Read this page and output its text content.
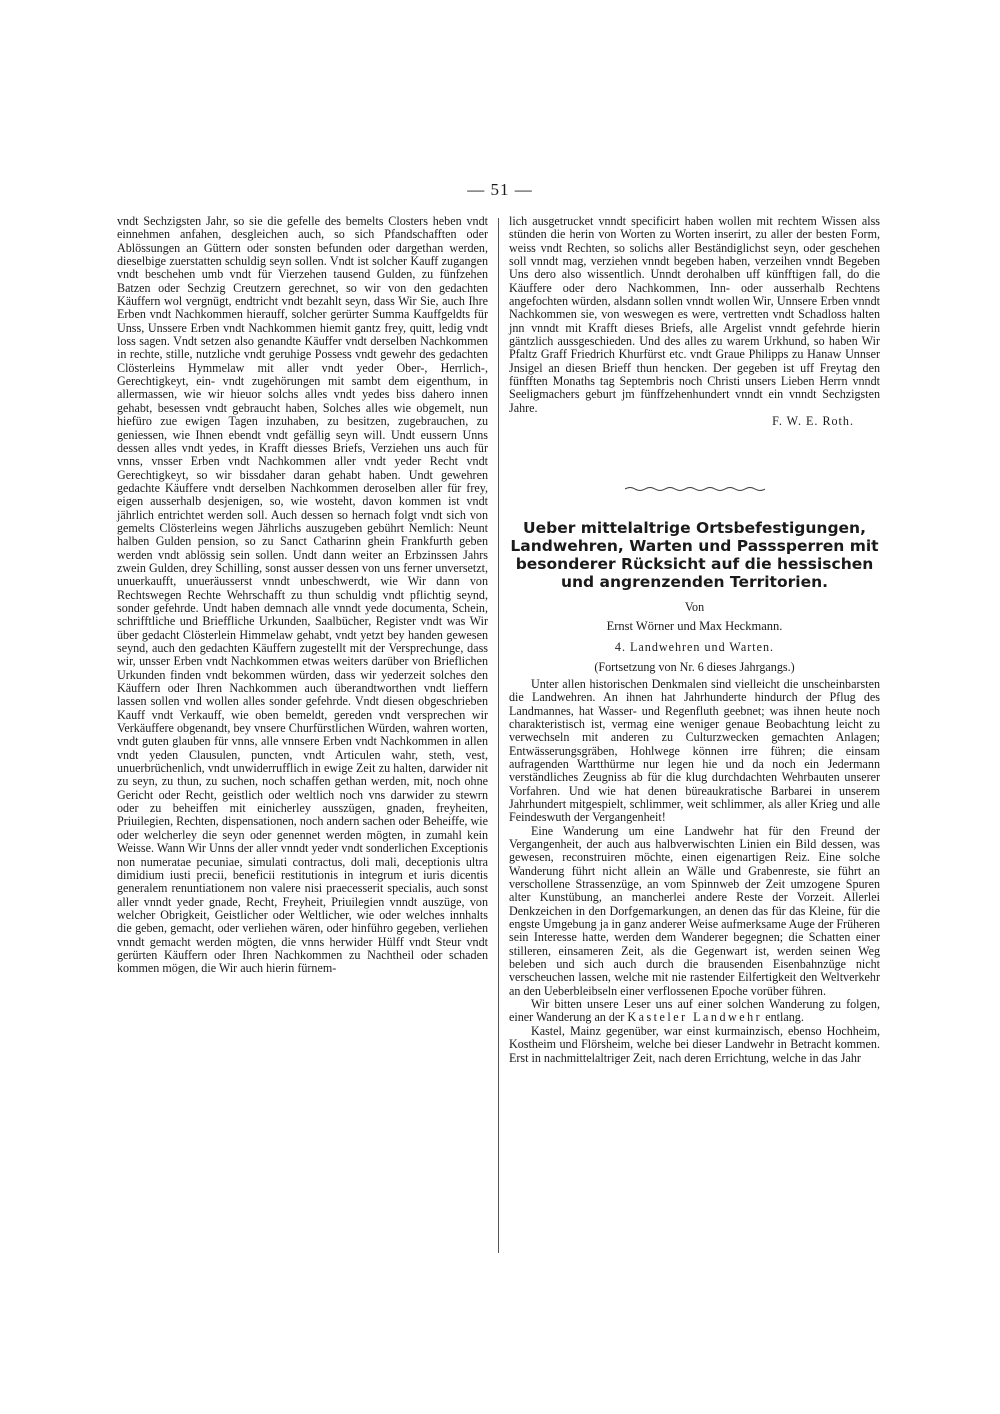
— 51 —

vndt Sechzigsten Jahr, so sie die gefelle des bemelts Closters heben vndt einnehmen anfahen, desgleichen auch, so sich Pfandschafften oder Ablössungen an Güttern oder sonsten befunden oder dargethan werden, dieselbige zuerstatten schuldig seyn sollen. Vndt ist solcher Kauff zugangen vndt beschehen umb vndt für Vierzehen tausend Gulden, zu fünfzehen Batzen oder Sechzig Creutzern gerechnet, so wir von den gedachten Käuffern wol vergnügt, endtricht vndt bezahlt seyn, dass Wir Sie, auch Ihre Erben vndt Nachkommen hierauff, solcher gerürter Summa Kauffgeldts für Unss, Unssere Erben vndt Nachkommen hiemit gantz frey, quitt, ledig vndt loss sagen. Vndt setzen also genandte Käuffer vndt derselben Nachkommen in rechte, stille, nutzliche vndt geruhige Possess vndt gewehr des gedachten Clösterleins Hymmelaw mit aller vndt yeder Ober-, Herrlich-, Gerechtigkeyt, ein- vndt zugehörungen mit sambt dem eigenthum, in allermassen, wie wir hieuor solchs alles vndt yedes biss dahero innen gehabt, besessen vndt gebraucht haben, Solches alles wie obgemelt, nun hiefüro zue ewigen Tagen inzuhaben, zu besitzen, zugebrauchen, zu geniessen, wie Ihnen ebendt vndt gefällig seyn will. Undt eussern Unns dessen alles vndt yedes, in Krafft diesses Briefs, Verziehen uns auch für vnns, vnsser Erben vndt Nachkommen aller vndt yeder Recht vndt Gerechtigkeyt, so wir bissdaher daran gehabt haben. Undt gewehren gedachte Käuffere vndt derselben Nachkommen deroselben aller für frey, eigen ausserhalb desjenigen, so, wie wosteht, davon kommen ist vndt jährlich entrichtet werden soll. Auch dessen so hernach folgt vndt sich von gemelts Clösterleins wegen Jährlichs auszugeben gebührt Nemlich: Neunt halben Gulden pension, so zu Sanct Catharinn ghein Frankfurth geben werden vndt ablössig sein sollen. Undt dann weiter an Erbzinssen Jahrs zwein Gulden, drey Schilling, sonst ausser dessen von uns ferner unversetzt, unuerkaufft, unueräusserst vnndt unbeschwerdt, wie Wir dann von Rechtswegen Rechte Wehrschafft zu thun schuldig vndt pflichtig seynd, sonder gefehrde. Undt haben demnach alle vnndt yede documenta, Schein, schrifftliche und Brieffliche Urkunden, Saalbücher, Register vndt was Wir über gedacht Clösterlein Himmelaw gehabt, vndt yetzt bey handen gewesen seynd, auch den gedachten Käuffern zugestellt mit der Versprechunge, dass wir, unsser Erben vndt Nachkommen etwas weiters darüber von Brieflichen Urkunden finden vndt bekommen würden, dass wir yederzeit solches den Käuffern oder Ihren Nachkommen auch überandtworthen vndt lieffern lassen sollen vnd wollen alles sonder gefehrde. Vndt diesen obgeschrieben Kauff vndt Verkauff, wie oben bemeldt, gereden vndt versprechen wir Verkäuffere obgenandt, bey vnsere Churfürstlichen Würden, wahren worten, vndt guten glauben für vnns, alle vnnsere Erben vndt Nachkommen in allen vndt yeden Clausulen, puncten, vndt Articulen wahr, steth, vest, unuerbrüchenlich, vndt unwiderrufflich in ewige Zeit zu halten, darwider nit zu seyn, zu thun, zu suchen, noch schaffen gethan werden, mit, noch ohne Gericht oder Recht, geistlich oder weltlich noch vns darwider zu stewrn oder zu beheiffen mit einicherley ausszügen, gnaden, freyheiten, Priuilegien, Rechten, dispensationen, noch andern sachen oder Beheiffe, wie oder welcherley die seyn oder genennet werden mögten, in zumahl kein Weisse. Wann Wir Unns der aller vnndt yeder vndt sonderlichen Exceptionis non numeratae pecuniae, simulati contractus, doli mali, deceptionis ultra dimidium iusti precii, beneficii restitutionis in integrum et iuris dicentis generalem renuntiationem non valere nisi praecesserit specialis, auch sonst aller vnndt yeder gnade, Recht, Freyheit, Priuilegien vnndt auszüge, von welcher Obrigkeit, Geistlicher oder Weltlicher, wie oder welches innhalts die geben, gemacht, oder verliehen wären, oder hinführo gegeben, verliehen vnndt gemacht werden mögten, die vnns herwider Hülff vndt Steur vndt gerürten Käuffern oder Ihren Nachkommen zu Nachtheil oder schaden kommen mögen, die Wir auch hierin fürnem-

lich ausgetrucket vnndt specificirt haben wollen mit rechtem Wissen alss stünden die herin von Worten zu Worten inserirt, zu aller der besten Form, weiss vndt Rechten, so solichs aller Beständiglichst seyn, oder geschehen soll vnndt mag, verziehen vnndt begeben haben, verzeihen vnndt Begeben Uns dero also wissentlich. Unndt derohalben uff künfftigen fall, do die Käuffere oder dero Nachkommen, Inn- oder ausserhalb Rechtens angefochten würden, alsdann sollen vnndt wollen Wir, Unnsere Erben vnndt Nachkommen sie, von weswegen es were, vertretten vndt Schadloss halten jnn vnndt mit Krafft dieses Briefs, alle Argelist vnndt gefehrde hierin gäntzlich aussgeschieden. Und des alles zu warem Urkhund, so haben Wir Pfaltz Graff Friedrich Khurfürst etc. vndt Graue Philipps zu Hanaw Unnser Jnsigel an diesen Brieff thun hencken. Der gegeben ist uff Freytag den fünfften Monaths tag Septembris noch Christi unsers Lieben Herrn vnndt Seeligmachers geburt jm fünffzehenhundert vnndt ein vnndt Sechzigsten Jahre.

F. W. E. Roth.

Ueber mittelaltrige Ortsbefestigungen, Landwehren, Warten und Passsperren mit besonderer Rücksicht auf die hessischen und angrenzenden Territorien.
Von
Ernst Wörner und Max Heckmann.
4. Landwehren und Warten.
(Fortsetzung von Nr. 6 dieses Jahrgangs.)

Unter allen historischen Denkmalen sind vielleicht die unscheinbarsten die Landwehren. An ihnen hat Jahrhunderte hindurch der Pflug des Landmannes, hat Wasser- und Regenfluth geebnet; was ihnen heute noch charakteristisch ist, vermag eine weniger genaue Beobachtung leicht zu verwechseln mit anderen zu Culturzwecken gemachten Anlagen; Entwässerungsgräben, Hohlwege können irre führen; die einsam aufragenden Wartthürme nur legen hie und da noch ein Jedermann verständliches Zeugniss ab für die klug durchdachten Wehrbauten unserer Vorfahren. Und wie hat denen büreaukratische Barbarei in unserem Jahrhundert mitgespielt, schlimmer, weit schlimmer, als aller Krieg und alle Feindeswuth der Vergangenheit!

Eine Wanderung um eine Landwehr hat für den Freund der Vergangenheit, der auch aus halbverwischten Linien ein Bild dessen, was gewesen, reconstruiren möchte, einen eigenartigen Reiz. Eine solche Wanderung führt nicht allein an Wälle und Grabenreste, sie führt an verschollene Strassenzüge, an vom Spinnweb der Zeit umzogene Spuren alter Kunstübung, an mancherlei andere Reste der Vorzeit. Allerlei Denkzeichen in den Dorfgemarkungen, an denen das für das Kleine, für die engste Umgebung ja in ganz anderer Weise aufmerksame Auge der Früheren sein Interesse hatte, werden dem Wanderer begegnen; die Schatten einer stilleren, einsameren Zeit, als die Gegenwart ist, werden seinen Weg beleben und sich auch durch die brausenden Eisenbahnzüge nicht verscheuchen lassen, welche mit nie rastender Eilfertigkeit den Weltverkehr an den Ueberbleibseln einer verflossenen Epoche vorüber führen.

Wir bitten unsere Leser uns auf einer solchen Wanderung zu folgen, einer Wanderung an der Kasteler Landwehr entlang.

Kastel, Mainz gegenüber, war einst kurmainzisch, ebenso Hochheim, Kostheim und Flörsheim, welche bei dieser Landwehr in Betracht kommen. Erst in nachmittelaltriger Zeit, nach deren Errichtung, welche in das Jahr
